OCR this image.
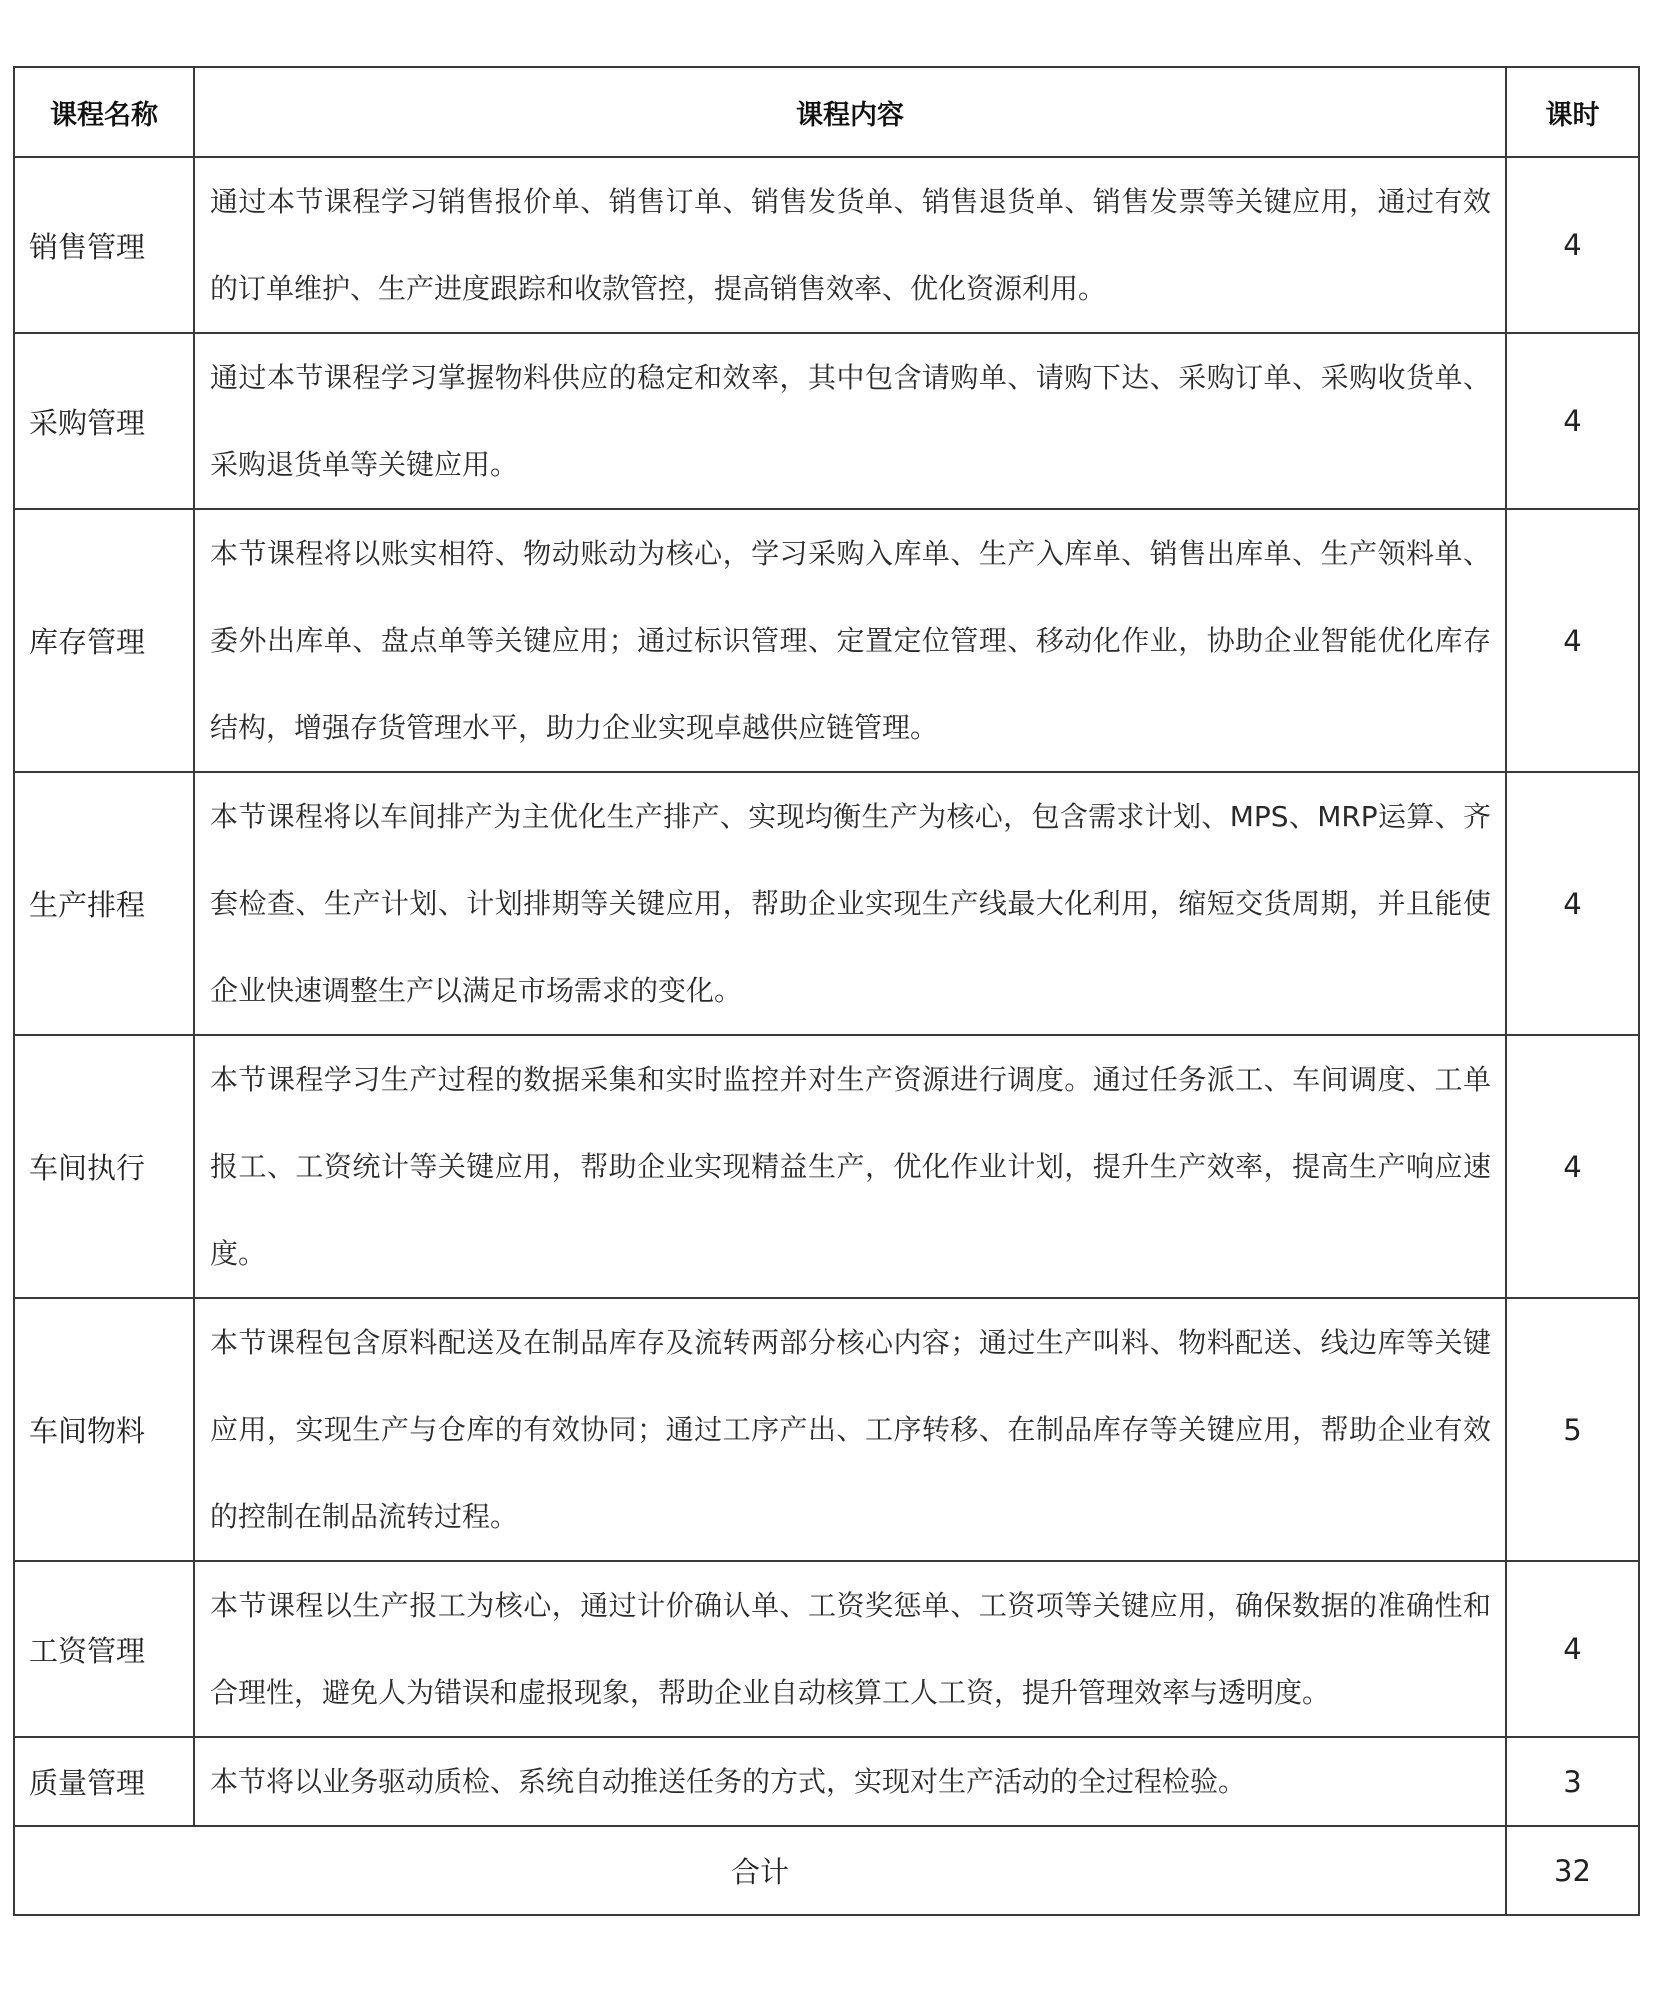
课程名称	课程内容	课时
销售管理	通过本节课程学习销售报价单、销售订单、销售发货单、销售退货单、销售发票等关键应用，通过有效的订单维护、生产进度跟踪和收款管控，提高销售效率、优化资源利用。	4
采购管理	通过本节课程学习掌握物料供应的稳定和效率，其中包含请购单、请购下达、采购订单、采购收货单、采购退货单等关键应用。	4
库存管理	本节课程将以账实相符、物动账动为核心，学习采购入库单、生产入库单、销售出库单、生产领料单、委外出库单、盘点单等关键应用；通过标识管理、定置定位管理、移动化作业，协助企业智能优化库存结构，增强存货管理水平，助力企业实现卓越供应链管理。	4
生产排程	本节课程将以车间排产为主优化生产排产、实现均衡生产为核心，包含需求计划、MPS、MRP运算、齐套检查、生产计划、计划排期等关键应用，帮助企业实现生产线最大化利用，缩短交货周期，并且能使企业快速调整生产以满足市场需求的变化。	4
车间执行	本节课程学习生产过程的数据采集和实时监控并对生产资源进行调度。通过任务派工、车间调度、工单报工、工资统计等关键应用，帮助企业实现精益生产，优化作业计划，提升生产效率，提高生产响应速度。	4
车间物料	本节课程包含原料配送及在制品库存及流转两部分核心内容；通过生产叫料、物料配送、线边库等关键应用，实现生产与仓库的有效协同；通过工序产出、工序转移、在制品库存等关键应用，帮助企业有效的控制在制品流转过程。	5
工资管理	本节课程以生产报工为核心，通过计价确认单、工资奖惩单、工资项等关键应用，确保数据的准确性和合理性，避免人为错误和虚报现象，帮助企业自动核算工人工资，提升管理效率与透明度。	4
质量管理	本节将以业务驱动质检、系统自动推送任务的方式，实现对生产活动的全过程检验。	3
合计		32
